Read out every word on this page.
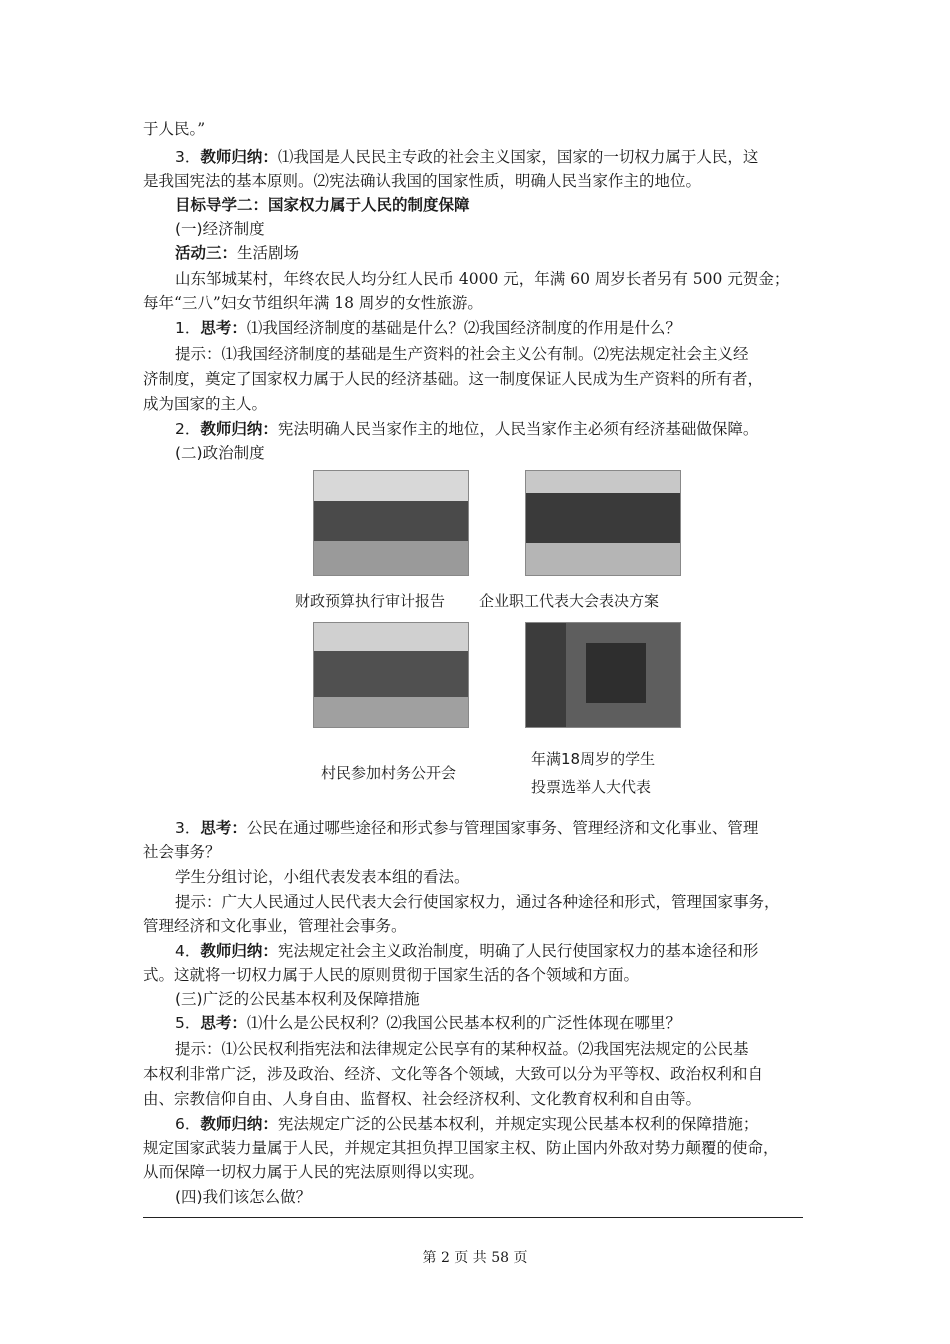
于人民。”
3．教师归纳：⑴我国是人民民主专政的社会主义国家，国家的一切权力属于人民，这
是我国宪法的基本原则。⑵宪法确认我国的国家性质，明确人民当家作主的地位。
目标导学二：国家权力属于人民的制度保障
(一)经济制度
活动三：生活剧场
山东邹城某村，年终农民人均分红人民币 4000 元，年满 60 周岁长者另有 500 元贺金；
每年“三八”妇女节组织年满 18 周岁的女性旅游。
1．思考：⑴我国经济制度的基础是什么？⑵我国经济制度的作用是什么？
提示：⑴我国经济制度的基础是生产资料的社会主义公有制。⑵宪法规定社会主义经
济制度，奠定了国家权力属于人民的经济基础。这一制度保证人民成为生产资料的所有者，
成为国家的主人。
2．教师归纳：宪法明确人民当家作主的地位，人民当家作主必须有经济基础做保障。
(二)政治制度
3．思考：公民在通过哪些途径和形式参与管理国家事务、管理经济和文化事业、管理
社会事务？
学生分组讨论，小组代表发表本组的看法。
提示：广大人民通过人民代表大会行使国家权力，通过各种途径和形式，管理国家事务，
管理经济和文化事业，管理社会事务。
4．教师归纳：宪法规定社会主义政治制度，明确了人民行使国家权力的基本途径和形
式。这就将一切权力属于人民的原则贯彻于国家生活的各个领域和方面。
(三)广泛的公民基本权利及保障措施
5．思考：⑴什么是公民权利？⑵我国公民基本权利的广泛性体现在哪里？
提示：⑴公民权利指宪法和法律规定公民享有的某种权益。⑵我国宪法规定的公民基
本权利非常广泛，涉及政治、经济、文化等各个领域，大致可以分为平等权、政治权利和自
由、宗教信仰自由、人身自由、监督权、社会经济权利、文化教育权利和自由等。
6．教师归纳：宪法规定广泛的公民基本权利，并规定实现公民基本权利的保障措施；
规定国家武装力量属于人民，并规定其担负捍卫国家主权、防止国内外敌对势力颠覆的使命，
从而保障一切权力属于人民的宪法原则得以实现。
(四)我们该怎么做？
财政预算执行审计报告 企业职工代表大会表决方案
村民参加村务公开会
年满18周岁的学生
投票选举人大代表
第 2 页 共 58 页
